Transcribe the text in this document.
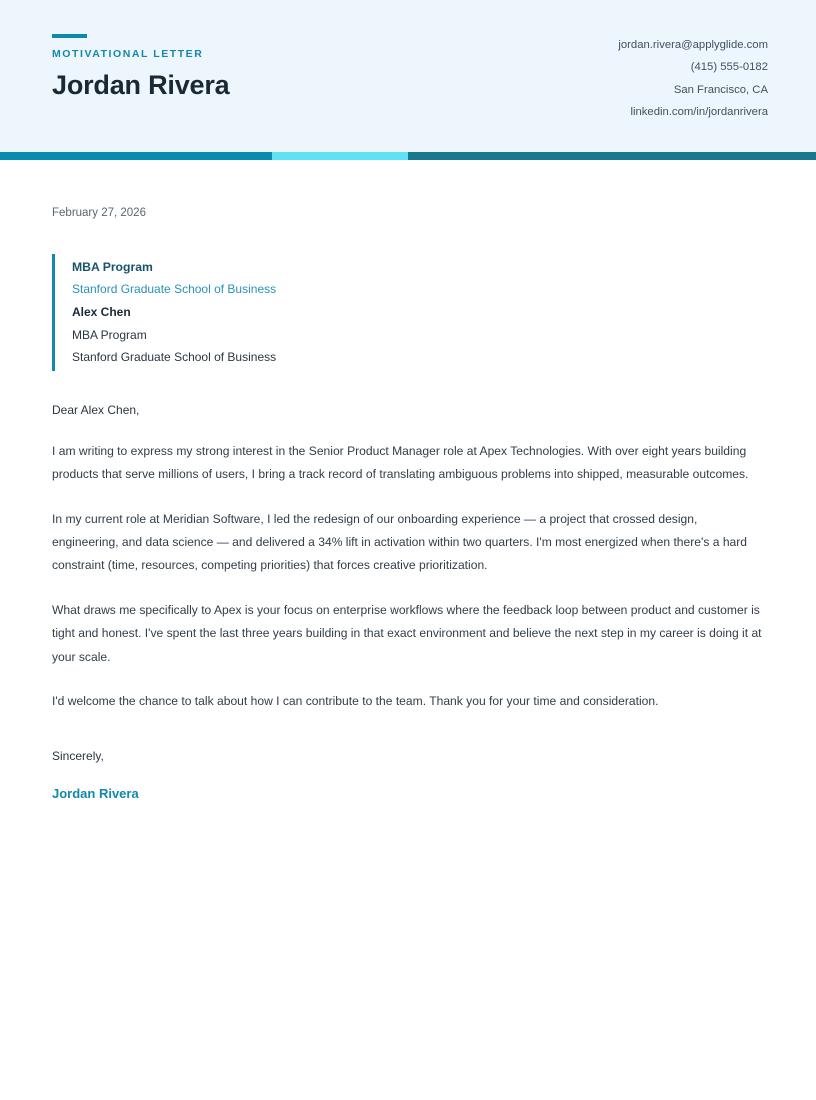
MOTIVATIONAL LETTER
Jordan Rivera
jordan.rivera@applyglide.com
(415) 555-0182
San Francisco, CA
linkedin.com/in/jordanrivera
February 27, 2026
MBA Program
Stanford Graduate School of Business
Alex Chen
MBA Program
Stanford Graduate School of Business
Dear Alex Chen,
I am writing to express my strong interest in the Senior Product Manager role at Apex Technologies. With over eight years building products that serve millions of users, I bring a track record of translating ambiguous problems into shipped, measurable outcomes.
In my current role at Meridian Software, I led the redesign of our onboarding experience — a project that crossed design, engineering, and data science — and delivered a 34% lift in activation within two quarters. I'm most energized when there's a hard constraint (time, resources, competing priorities) that forces creative prioritization.
What draws me specifically to Apex is your focus on enterprise workflows where the feedback loop between product and customer is tight and honest. I've spent the last three years building in that exact environment and believe the next step in my career is doing it at your scale.
I'd welcome the chance to talk about how I can contribute to the team. Thank you for your time and consideration.
Sincerely,
Jordan Rivera
